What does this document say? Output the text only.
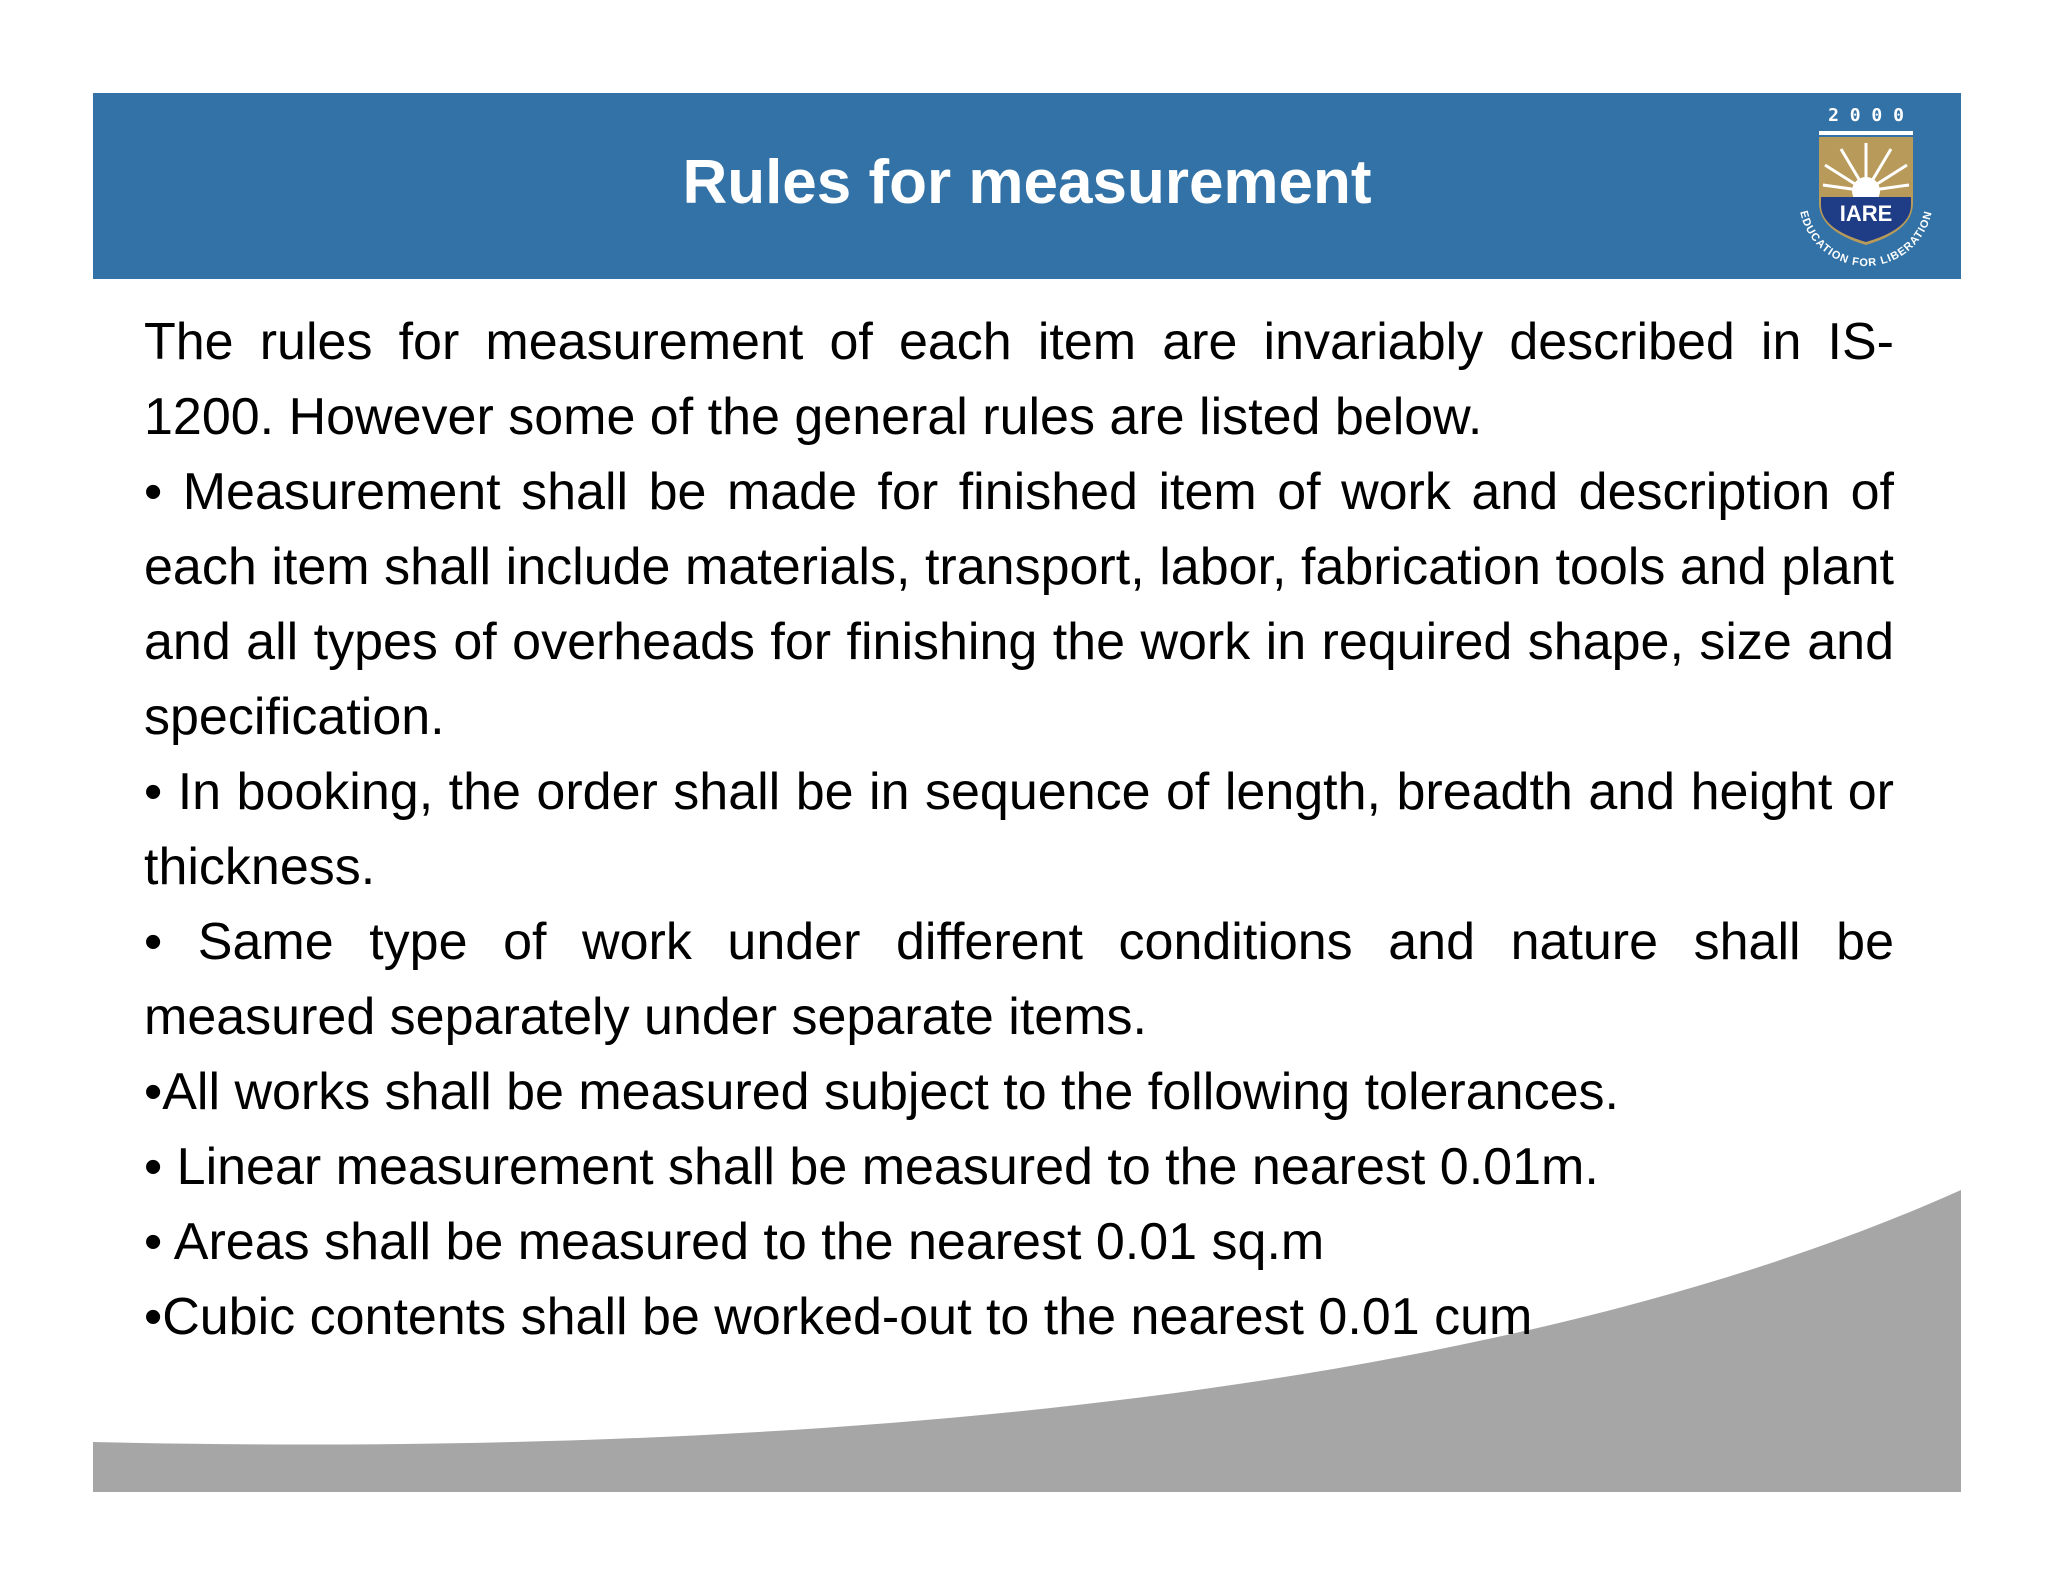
Rules for measurement
2 0 0 0
IARE
EDUCATION FOR LIBERATION

The rules for measurement of each item are invariably described in IS- 1200. However some of the general rules are listed below.

• Measurement shall be made for finished item of work and description of each item shall include materials, transport, labor, fabrication tools and plant and all types of overheads for finishing the work in required shape, size and specification.

• In booking, the order shall be in sequence of length, breadth and height or thickness.

• Same type of work under different conditions and nature shall be measured separately under separate items.

•All works shall be measured subject to the following tolerances.

• Linear measurement shall be measured to the nearest 0.01m.

• Areas shall be measured to the nearest 0.01 sq.m

•Cubic contents shall be worked-out to the nearest 0.01 cum
